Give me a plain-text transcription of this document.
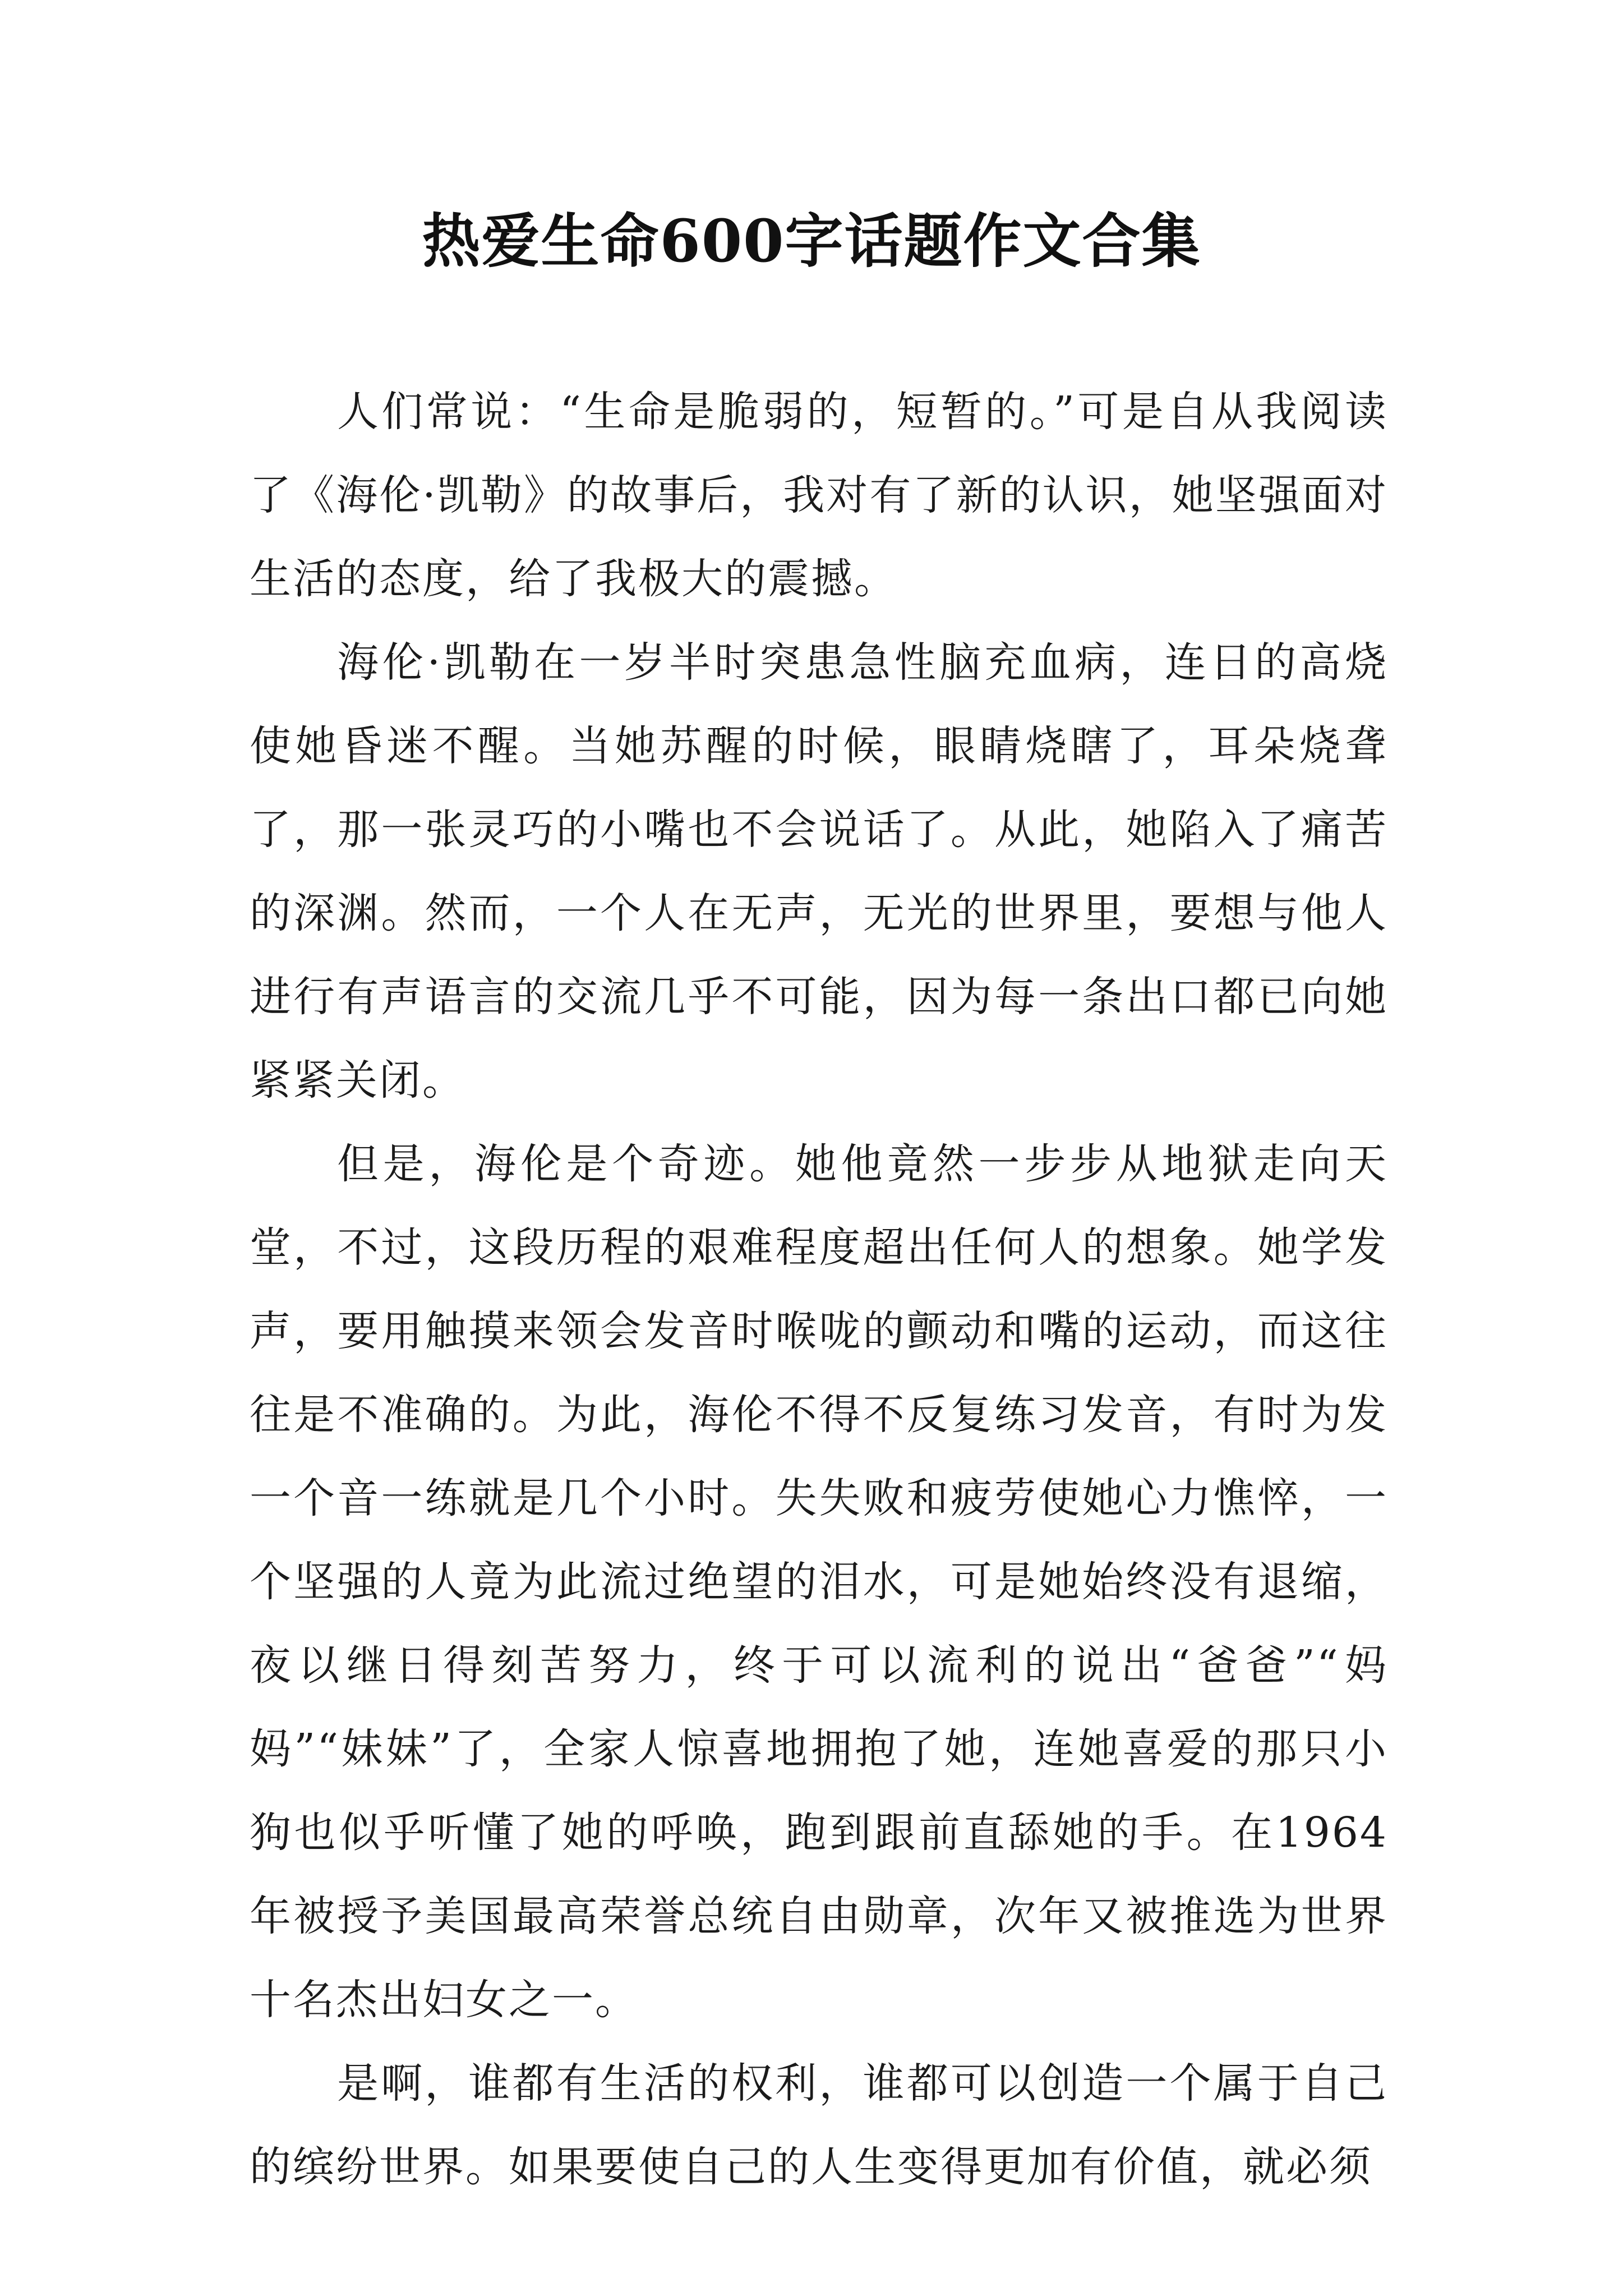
热爱生命600字话题作文合集

人们常说：“生命是脆弱的，短暂的。”可是自从我阅读了《海伦·凯勒》的故事后，我对有了新的认识，她坚强面对生活的态度，给了我极大的震撼。

海伦·凯勒在一岁半时突患急性脑充血病，连日的高烧使她昏迷不醒。当她苏醒的时候，眼睛烧瞎了，耳朵烧聋了，那一张灵巧的小嘴也不会说话了。从此，她陷入了痛苦的深渊。然而，一个人在无声，无光的世界里，要想与他人进行有声语言的交流几乎不可能，因为每一条出口都已向她紧紧关闭。

但是，海伦是个奇迹。她他竟然一步步从地狱走向天堂，不过，这段历程的艰难程度超出任何人的想象。她学发声，要用触摸来领会发音时喉咙的颤动和嘴的运动，而这往往是不准确的。为此，海伦不得不反复练习发音，有时为发一个音一练就是几个小时。失失败和疲劳使她心力憔悴，一个坚强的人竟为此流过绝望的泪水，可是她始终没有退缩，夜以继日得刻苦努力，终于可以流利的说出“爸爸”“妈妈”“妹妹”了，全家人惊喜地拥抱了她，连她喜爱的那只小狗也似乎听懂了她的呼唤，跑到跟前直舔她的手。在1964年被授予美国最高荣誉总统自由勋章，次年又被推选为世界十名杰出妇女之一。

是啊，谁都有生活的权利，谁都可以创造一个属于自己的缤纷世界。如果要使自己的人生变得更加有价值，就必须
